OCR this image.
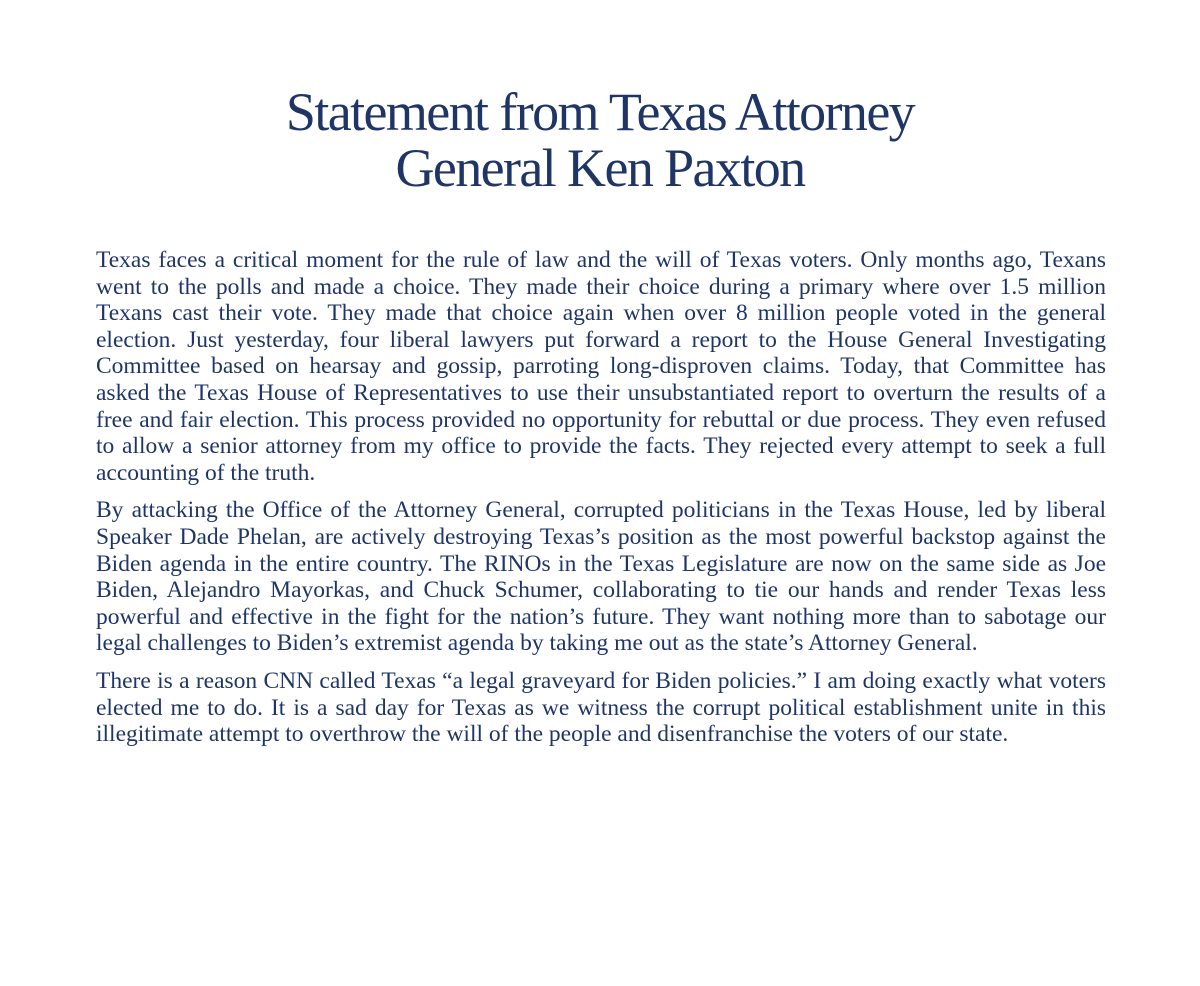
Statement from Texas Attorney
General Ken Paxton

Texas faces a critical moment for the rule of law and the will of Texas voters. Only months ago, Texans went to the polls and made a choice. They made their choice during a primary where over 1.5 million Texans cast their vote. They made that choice again when over 8 million people voted in the general election. Just yesterday, four liberal lawyers put forward a report to the House General Investigating Committee based on hearsay and gossip, parroting long-disproven claims. Today, that Committee has asked the Texas House of Representatives to use their unsubstantiated report to overturn the results of a free and fair election. This process provided no opportunity for rebuttal or due process. They even refused to allow a senior attorney from my office to provide the facts. They rejected every attempt to seek a full accounting of the truth.

By attacking the Office of the Attorney General, corrupted politicians in the Texas House, led by liberal Speaker Dade Phelan, are actively destroying Texas’s position as the most powerful backstop against the Biden agenda in the entire country. The RINOs in the Texas Legislature are now on the same side as Joe Biden, Alejandro Mayorkas, and Chuck Schumer, collaborating to tie our hands and render Texas less powerful and effective in the fight for the nation’s future. They want nothing more than to sabotage our legal challenges to Biden’s extremist agenda by taking me out as the state’s Attorney General.

There is a reason CNN called Texas “a legal graveyard for Biden policies.” I am doing exactly what voters elected me to do. It is a sad day for Texas as we witness the corrupt political establishment unite in this illegitimate attempt to overthrow the will of the people and disenfranchise the voters of our state.
